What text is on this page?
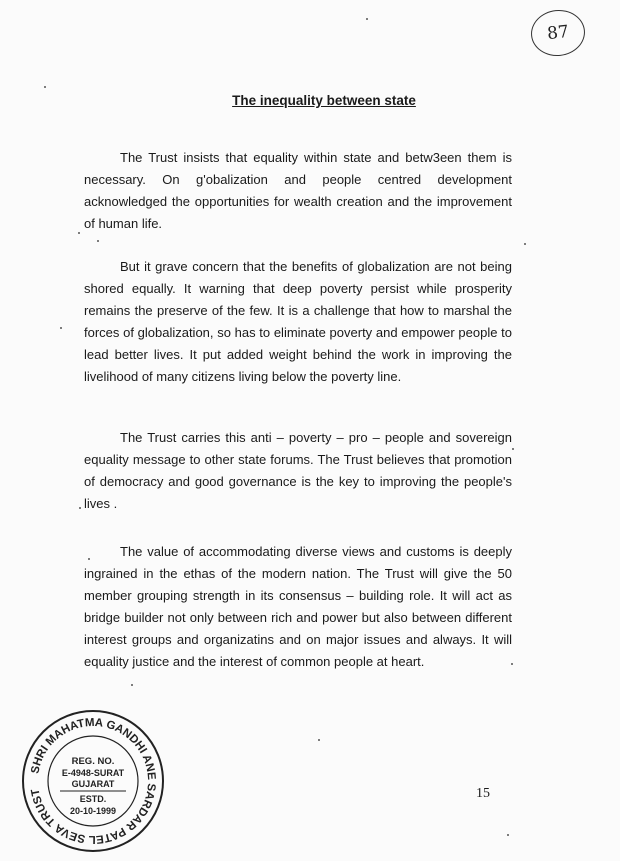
87
The inequality between state

The Trust insists that equality within state and betw3een them is necessary. On g'obalization and people centred development acknowledged the opportunities for wealth creation and the improvement of human life.

But it grave concern that the benefits of globalization are not being shored equally. It warning that deep poverty persist while prosperity remains the preserve of the few. It is a challenge that how to marshal the forces of globalization, so has to eliminate poverty and empower people to lead better lives. It put added weight behind the work in improving the livelihood of many citizens living below the poverty line.

The Trust carries this anti – poverty – pro – people and sovereign equality message to other state forums. The Trust believes that promotion of democracy and good governance is the key to improving the people's lives .

The value of accommodating diverse views and customs is deeply ingrained in the ethas of the modern nation. The Trust will give the 50 member grouping strength in its consensus – building role. It will act as bridge builder not only between rich and power but also between different interest groups and organizatins and on major issues and always. It will equality justice and the interest of common people at heart.

15
SHRI MAHATMA GANDHI ANE SARDAR PATEL SEVA TRUST
REG. NO.
E-4948-SURAT
GUJARAT
ESTD.
20-10-1999
